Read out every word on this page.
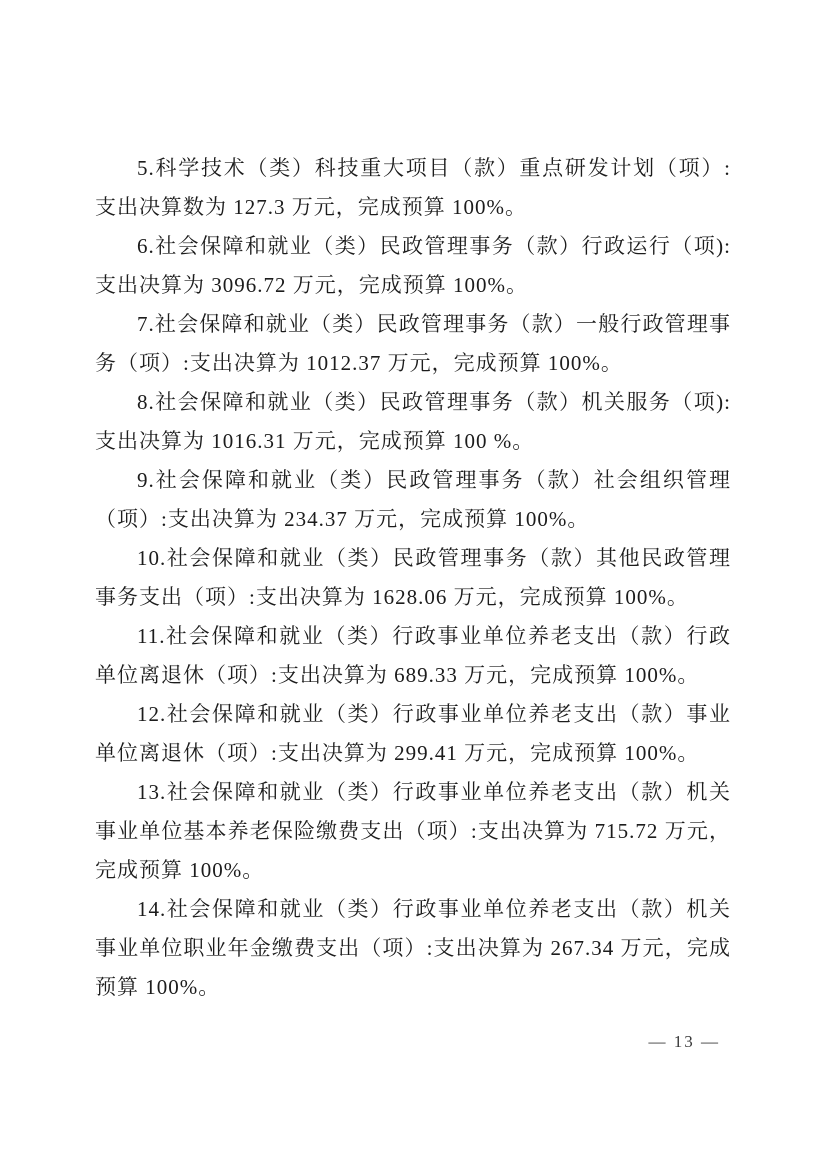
5.科学技术（类）科技重大项目（款）重点研发计划（项）:支出决算数为 127.3 万元，完成预算 100%。

6.社会保障和就业（类）民政管理事务（款）行政运行（项):支出决算为 3096.72 万元，完成预算 100%。

7.社会保障和就业（类）民政管理事务（款）一般行政管理事务（项）:支出决算为 1012.37 万元，完成预算 100%。

8.社会保障和就业（类）民政管理事务（款）机关服务（项):支出决算为 1016.31 万元，完成预算 100 %。

9.社会保障和就业（类）民政管理事务（款）社会组织管理（项）:支出决算为 234.37 万元，完成预算 100%。

10.社会保障和就业（类）民政管理事务（款）其他民政管理事务支出（项）:支出决算为 1628.06 万元，完成预算 100%。

11.社会保障和就业（类）行政事业单位养老支出（款）行政单位离退休（项）:支出决算为 689.33 万元，完成预算 100%。

12.社会保障和就业（类）行政事业单位养老支出（款）事业单位离退休（项）:支出决算为 299.41 万元，完成预算 100%。

13.社会保障和就业（类）行政事业单位养老支出（款）机关事业单位基本养老保险缴费支出（项）:支出决算为 715.72 万元，完成预算 100%。

14.社会保障和就业（类）行政事业单位养老支出（款）机关事业单位职业年金缴费支出（项）:支出决算为 267.34 万元，完成预算 100%。

— 13 —
